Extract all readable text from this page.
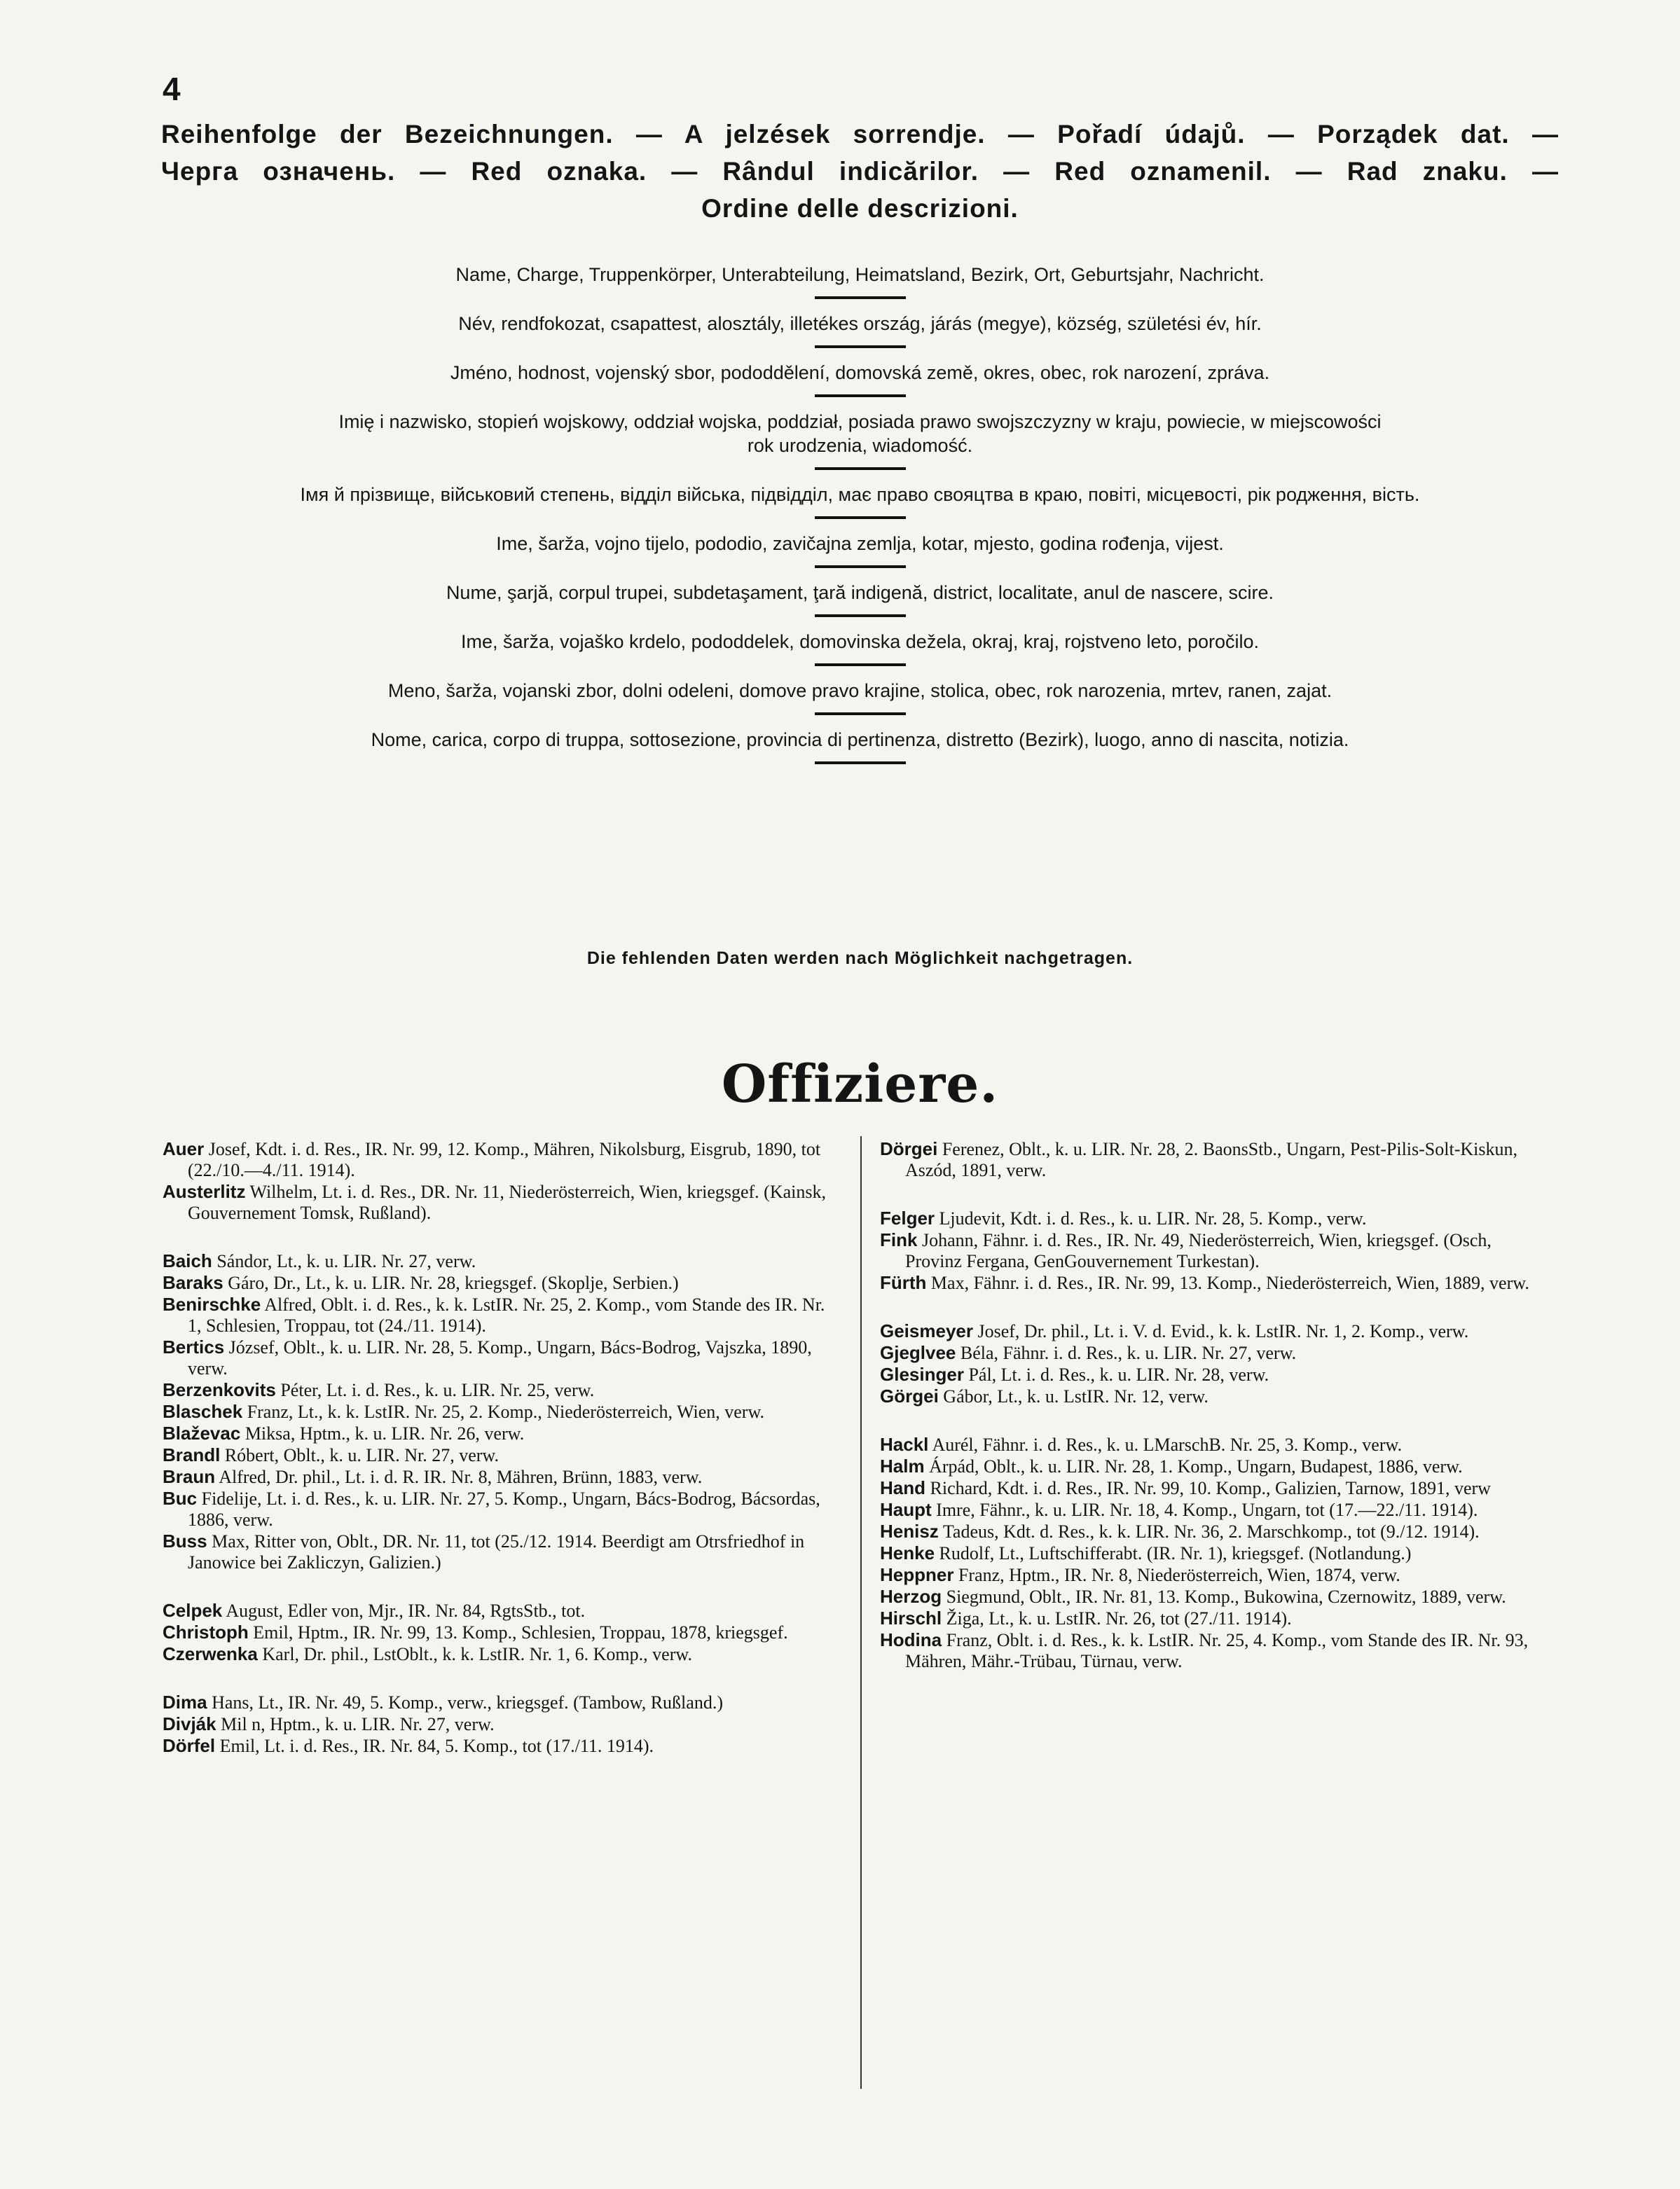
4
Reihenfolge der Bezeichnungen. — A jelzések sorrendje. — Pořadí údajů. — Porządek dat. —
Черга означень. — Red oznaka. — Rândul indicărilor. — Red oznamenil. — Rad znaku. —
Ordine delle descrizioni.
Name, Charge, Truppenkörper, Unterabteilung, Heimatsland, Bezirk, Ort, Geburtsjahr, Nachricht.
Név, rendfokozat, csapattest, alosztály, illetékes ország, járás (megye), község, születési év, hír.
Jméno, hodnost, vojenský sbor, pododdělení, domovská země, okres, obec, rok narození, zpráva.
Imię i nazwisko, stopień wojskowy, oddział wojska, poddział, posiada prawo swojszczyzny w kraju, powiecie, w miejscowości
rok urodzenia, wiadomość.
Імя й прізвище, військовий степень, відділ війська, підвідділ, має право свояцтва в краю, повіті, місцевості, рік родження, вість.
Ime, šarža, vojno tijelo, pododio, zavičajna zemlja, kotar, mjesto, godina rođenja, vijest.
Nume, şarjă, corpul trupei, subdetaşament, ţară indigenă, district, localitate, anul de nascere, scire.
Ime, šarža, vojaško krdelo, pododdelek, domovinska dežela, okraj, kraj, rojstveno leto, poročilo.
Meno, šarža, vojanski zbor, dolni odeleni, domove pravo krajine, stolica, obec, rok narozenia, mrtev, ranen, zajat.
Nome, carica, corpo di truppa, sottosezione, provincia di pertinenza, distretto (Bezirk), luogo, anno di nascita, notizia.
Die fehlenden Daten werden nach Möglichkeit nachgetragen.
Offiziere.

Auer Josef, Kdt. i. d. Res., IR. Nr. 99, 12. Komp., Mähren, Nikolsburg, Eisgrub, 1890, tot (22./10.—4./11. 1914).

Austerlitz Wilhelm, Lt. i. d. Res., DR. Nr. 11, Niederösterreich, Wien, kriegsgef. (Kainsk, Gouvernement Tomsk, Rußland).

Baich Sándor, Lt., k. u. LIR. Nr. 27, verw.

Baraks Gáro, Dr., Lt., k. u. LIR. Nr. 28, kriegsgef. (Skoplje, Serbien.)

Benirschke Alfred, Oblt. i. d. Res., k. k. LstIR. Nr. 25, 2. Komp., vom Stande des IR. Nr. 1, Schlesien, Troppau, tot (24./11. 1914).

Bertics József, Oblt., k. u. LIR. Nr. 28, 5. Komp., Ungarn, Bács-Bodrog, Vajszka, 1890, verw.

Berzenkovits Péter, Lt. i. d. Res., k. u. LIR. Nr. 25, verw.

Blaschek Franz, Lt., k. k. LstIR. Nr. 25, 2. Komp., Niederösterreich, Wien, verw.

Blaževac Miksa, Hptm., k. u. LIR. Nr. 26, verw.

Brandl Róbert, Oblt., k. u. LIR. Nr. 27, verw.

Braun Alfred, Dr. phil., Lt. i. d. R. IR. Nr. 8, Mähren, Brünn, 1883, verw.

Buc Fidelije, Lt. i. d. Res., k. u. LIR. Nr. 27, 5. Komp., Ungarn, Bács-Bodrog, Bácsordas, 1886, verw.

Buss Max, Ritter von, Oblt., DR. Nr. 11, tot (25./12. 1914. Beerdigt am Otrsfriedhof in Janowice bei Zakliczyn, Galizien.)

Celpek August, Edler von, Mjr., IR. Nr. 84, RgtsStb., tot.

Christoph Emil, Hptm., IR. Nr. 99, 13. Komp., Schlesien, Troppau, 1878, kriegsgef.

Czerwenka Karl, Dr. phil., LstOblt., k. k. LstIR. Nr. 1, 6. Komp., verw.

Dima Hans, Lt., IR. Nr. 49, 5. Komp., verw., kriegsgef. (Tambow, Rußland.)

Divják Mil n, Hptm., k. u. LIR. Nr. 27, verw.

Dörfel Emil, Lt. i. d. Res., IR. Nr. 84, 5. Komp., tot (17./11. 1914).

Dörgei Ferenez, Oblt., k. u. LIR. Nr. 28, 2. BaonsStb., Ungarn, Pest-Pilis-Solt-Kiskun, Aszód, 1891, verw.

Felger Ljudevit, Kdt. i. d. Res., k. u. LIR. Nr. 28, 5. Komp., verw.

Fink Johann, Fähnr. i. d. Res., IR. Nr. 49, Niederösterreich, Wien, kriegsgef. (Osch, Provinz Fergana, GenGouvernement Turkestan).

Fürth Max, Fähnr. i. d. Res., IR. Nr. 99, 13. Komp., Niederösterreich, Wien, 1889, verw.

Geismeyer Josef, Dr. phil., Lt. i. V. d. Evid., k. k. LstIR. Nr. 1, 2. Komp., verw.

Gjeglvee Béla, Fähnr. i. d. Res., k. u. LIR. Nr. 27, verw.

Glesinger Pál, Lt. i. d. Res., k. u. LIR. Nr. 28, verw.

Görgei Gábor, Lt., k. u. LstIR. Nr. 12, verw.

Hackl Aurél, Fähnr. i. d. Res., k. u. LMarschB. Nr. 25, 3. Komp., verw.

Halm Árpád, Oblt., k. u. LIR. Nr. 28, 1. Komp., Ungarn, Budapest, 1886, verw.

Hand Richard, Kdt. i. d. Res., IR. Nr. 99, 10. Komp., Galizien, Tarnow, 1891, verw

Haupt Imre, Fähnr., k. u. LIR. Nr. 18, 4. Komp., Ungarn, tot (17.—22./11. 1914).

Henisz Tadeus, Kdt. d. Res., k. k. LIR. Nr. 36, 2. Marschkomp., tot (9./12. 1914).

Henke Rudolf, Lt., Luftschifferabt. (IR. Nr. 1), kriegsgef. (Notlandung.)

Heppner Franz, Hptm., IR. Nr. 8, Niederösterreich, Wien, 1874, verw.

Herzog Siegmund, Oblt., IR. Nr. 81, 13. Komp., Bukowina, Czernowitz, 1889, verw.

Hirschl Žiga, Lt., k. u. LstIR. Nr. 26, tot (27./11. 1914).

Hodina Franz, Oblt. i. d. Res., k. k. LstIR. Nr. 25, 4. Komp., vom Stande des IR. Nr. 93, Mähren, Mähr.-Trübau, Türnau, verw.
